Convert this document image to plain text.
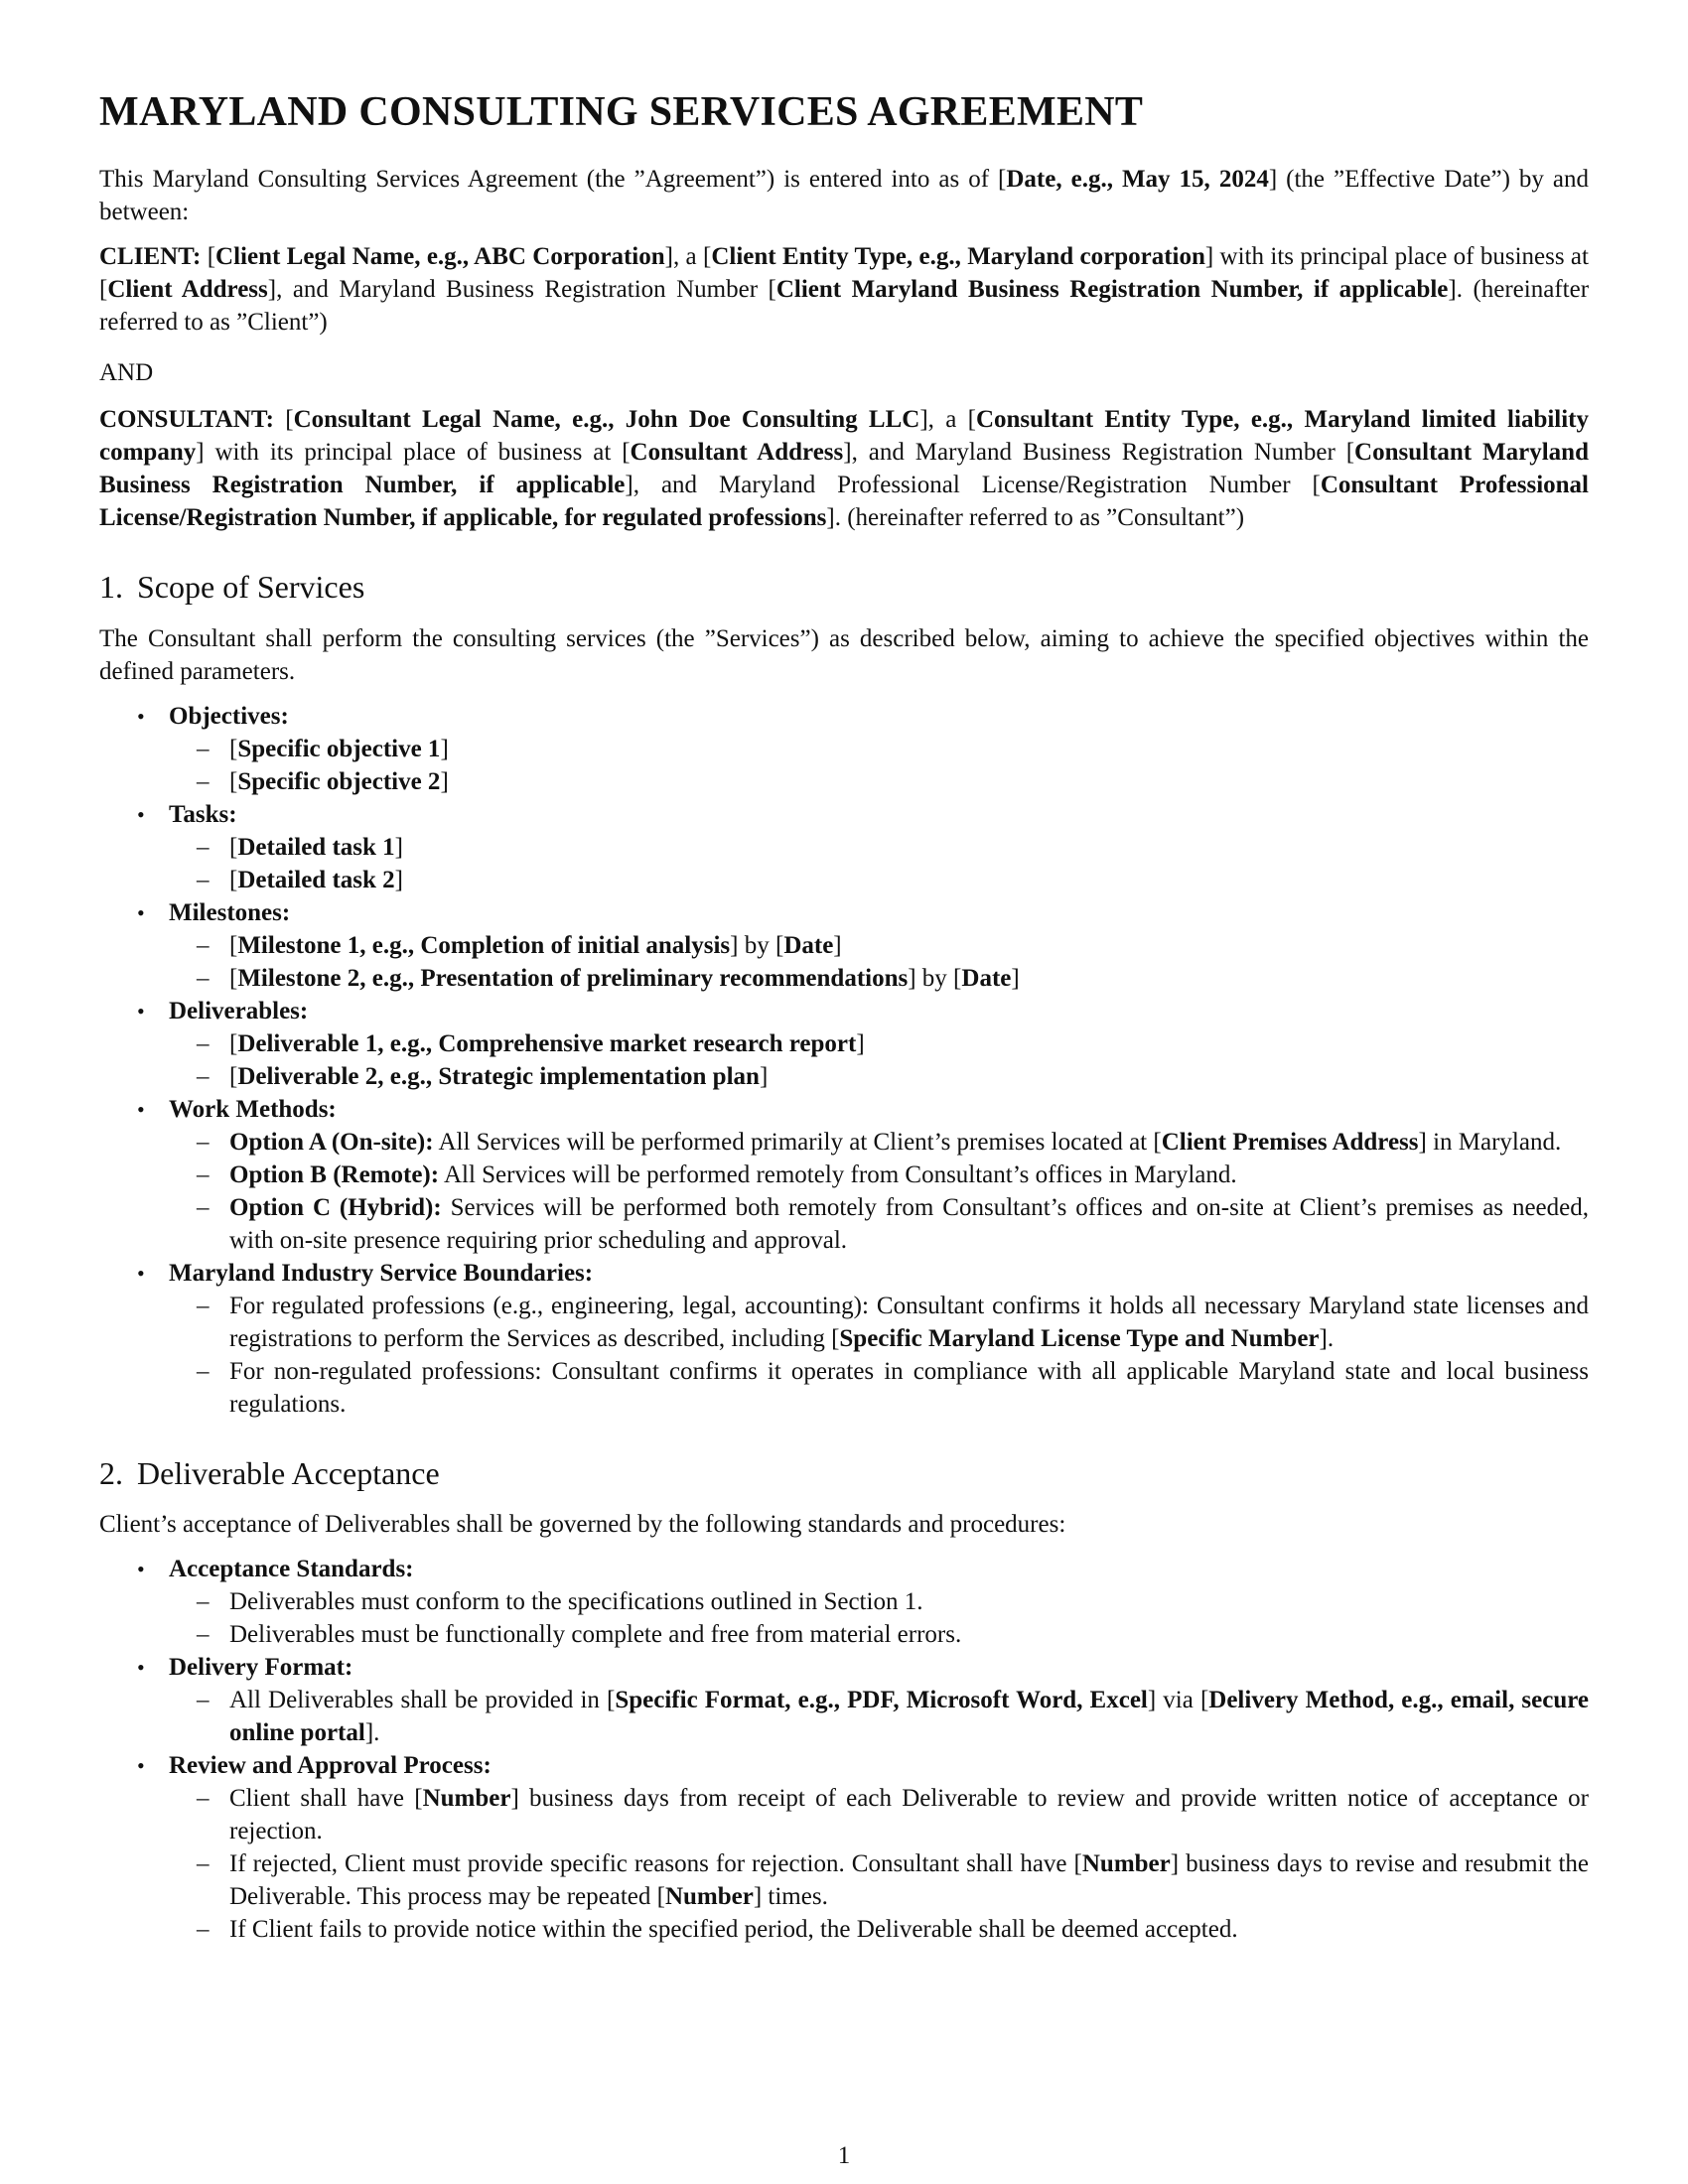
MARYLAND CONSULTING SERVICES AGREEMENT

This Maryland Consulting Services Agreement (the ”Agreement”) is entered into as of [Date, e.g., May 15, 2024] (the ”Effective Date”) by and between:

CLIENT: [Client Legal Name, e.g., ABC Corporation], a [Client Entity Type, e.g., Maryland corporation] with its principal place of business at [Client Address], and Maryland Business Registration Number [Client Maryland Business Registration Number, if applicable]. (hereinafter referred to as ”Client”)

AND

CONSULTANT: [Consultant Legal Name, e.g., John Doe Consulting LLC], a [Consultant Entity Type, e.g., Maryland limited liability company] with its principal place of business at [Consultant Address], and Maryland Business Registration Number [Consultant Maryland Business Registration Number, if applicable], and Maryland Professional License/Registration Number [Consultant Professional License/Registration Number, if applicable, for regulated professions]. (hereinafter referred to as ”Consultant”)

1. Scope of Services

The Consultant shall perform the consulting services (the ”Services”) as described below, aiming to achieve the specified objectives within the defined parameters.

• Objectives:
– [Specific objective 1]
– [Specific objective 2]
• Tasks:
– [Detailed task 1]
– [Detailed task 2]
• Milestones:
– [Milestone 1, e.g., Completion of initial analysis] by [Date]
– [Milestone 2, e.g., Presentation of preliminary recommendations] by [Date]
• Deliverables:
– [Deliverable 1, e.g., Comprehensive market research report]
– [Deliverable 2, e.g., Strategic implementation plan]
• Work Methods:
– Option A (On-site): All Services will be performed primarily at Client’s premises located at [Client Premises Address] in Maryland.
– Option B (Remote): All Services will be performed remotely from Consultant’s offices in Maryland.
– Option C (Hybrid): Services will be performed both remotely from Consultant’s offices and on-site at Client’s premises as needed, with on-site presence requiring prior scheduling and approval.
• Maryland Industry Service Boundaries:
– For regulated professions (e.g., engineering, legal, accounting): Consultant confirms it holds all necessary Maryland state licenses and registrations to perform the Services as described, including [Specific Maryland License Type and Number].
– For non-regulated professions: Consultant confirms it operates in compliance with all applicable Maryland state and local business regulations.
2. Deliverable Acceptance

Client’s acceptance of Deliverables shall be governed by the following standards and procedures:

• Acceptance Standards:
– Deliverables must conform to the specifications outlined in Section 1.
– Deliverables must be functionally complete and free from material errors.
• Delivery Format:
– All Deliverables shall be provided in [Specific Format, e.g., PDF, Microsoft Word, Excel] via [Delivery Method, e.g., email, secure online portal].
• Review and Approval Process:
– Client shall have [Number] business days from receipt of each Deliverable to review and provide written notice of acceptance or rejection.
– If rejected, Client must provide specific reasons for rejection. Consultant shall have [Number] business days to revise and resubmit the Deliverable. This process may be repeated [Number] times.
– If Client fails to provide notice within the specified period, the Deliverable shall be deemed accepted.
1
